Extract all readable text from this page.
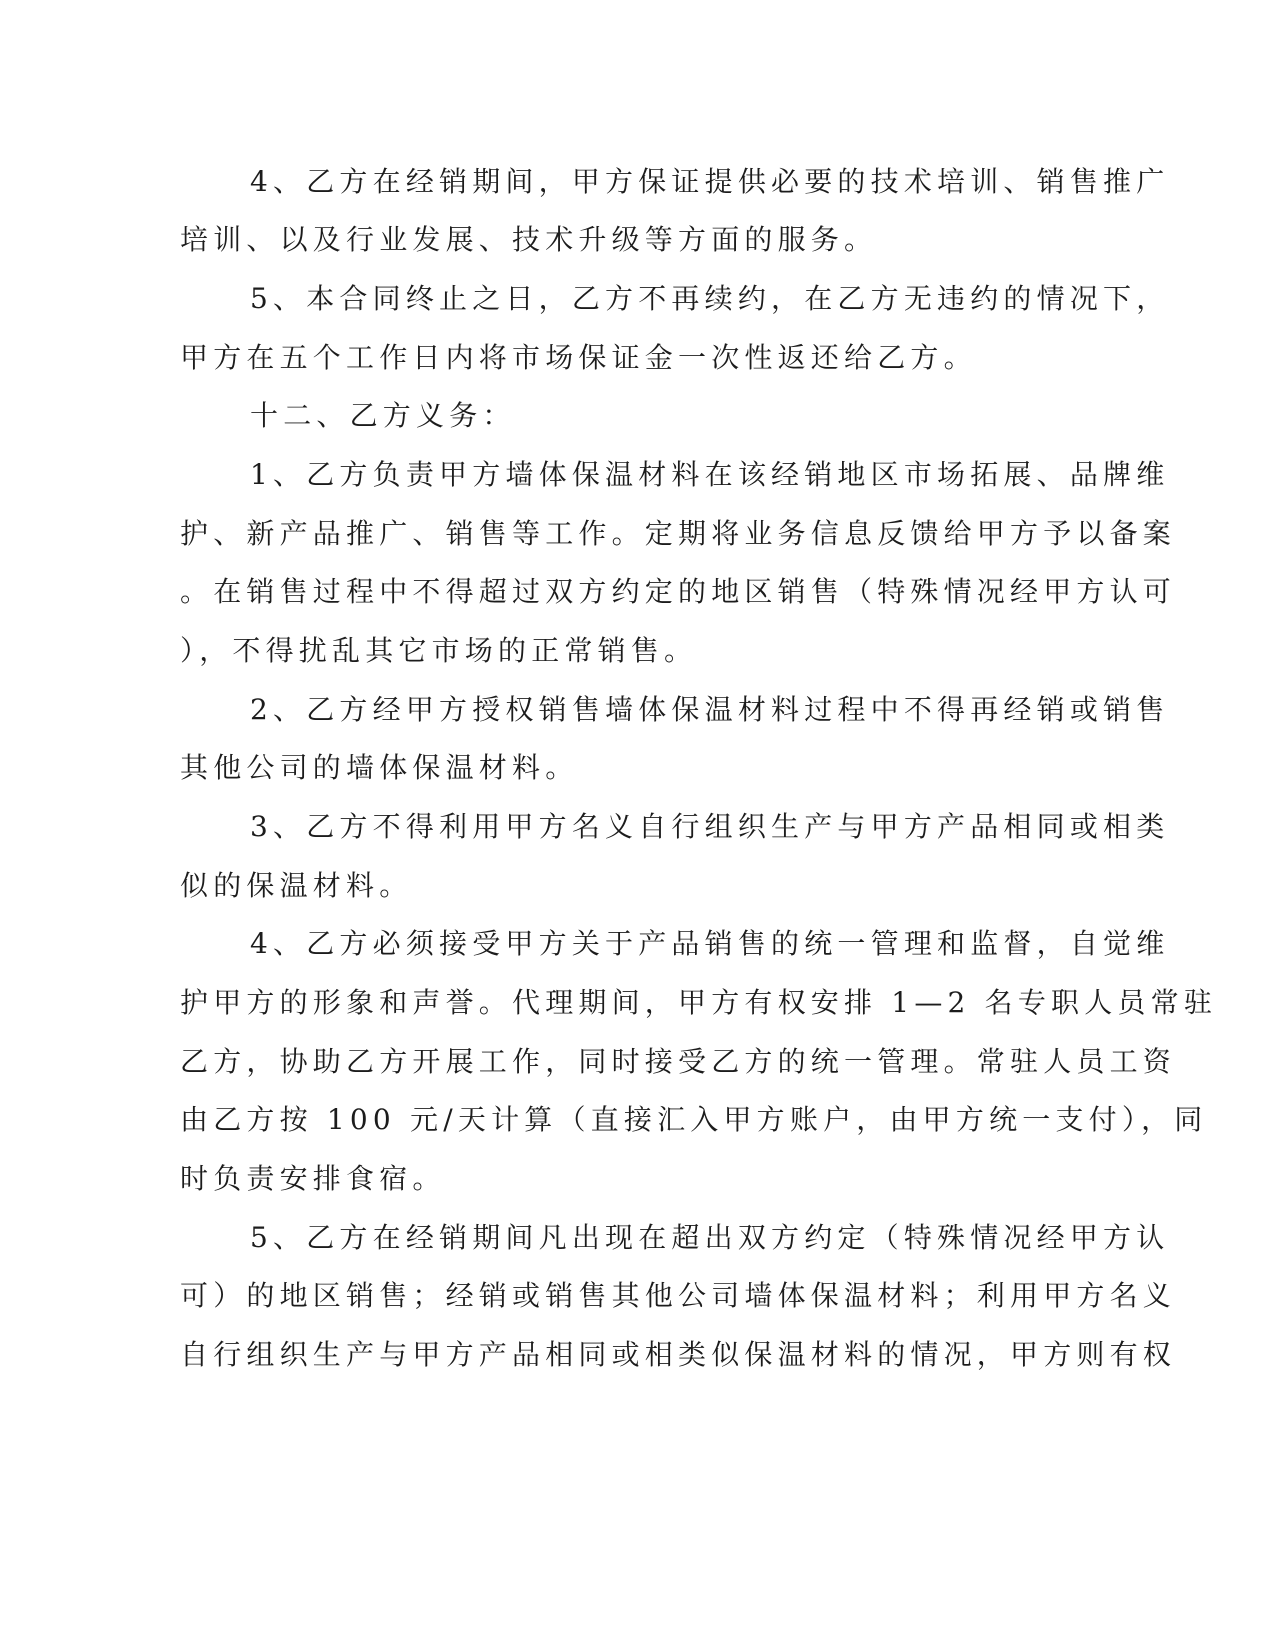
4、乙方在经销期间，甲方保证提供必要的技术培训、销售推广

培训、以及行业发展、技术升级等方面的服务。

5、本合同终止之日，乙方不再续约，在乙方无违约的情况下，

甲方在五个工作日内将市场保证金一次性返还给乙方。

十二、乙方义务：

1、乙方负责甲方墙体保温材料在该经销地区市场拓展、品牌维

护、新产品推广、销售等工作。定期将业务信息反馈给甲方予以备案

。在销售过程中不得超过双方约定的地区销售（特殊情况经甲方认可

），不得扰乱其它市场的正常销售。

2、乙方经甲方授权销售墙体保温材料过程中不得再经销或销售

其他公司的墙体保温材料。

3、乙方不得利用甲方名义自行组织生产与甲方产品相同或相类

似的保温材料。

4、乙方必须接受甲方关于产品销售的统一管理和监督，自觉维

护甲方的形象和声誉。代理期间，甲方有权安排 1—2 名专职人员常驻

乙方，协助乙方开展工作，同时接受乙方的统一管理。常驻人员工资

由乙方按 100 元/天计算（直接汇入甲方账户，由甲方统一支付），同

时负责安排食宿。

5、乙方在经销期间凡出现在超出双方约定（特殊情况经甲方认

可）的地区销售；经销或销售其他公司墙体保温材料；利用甲方名义

自行组织生产与甲方产品相同或相类似保温材料的情况，甲方则有权
